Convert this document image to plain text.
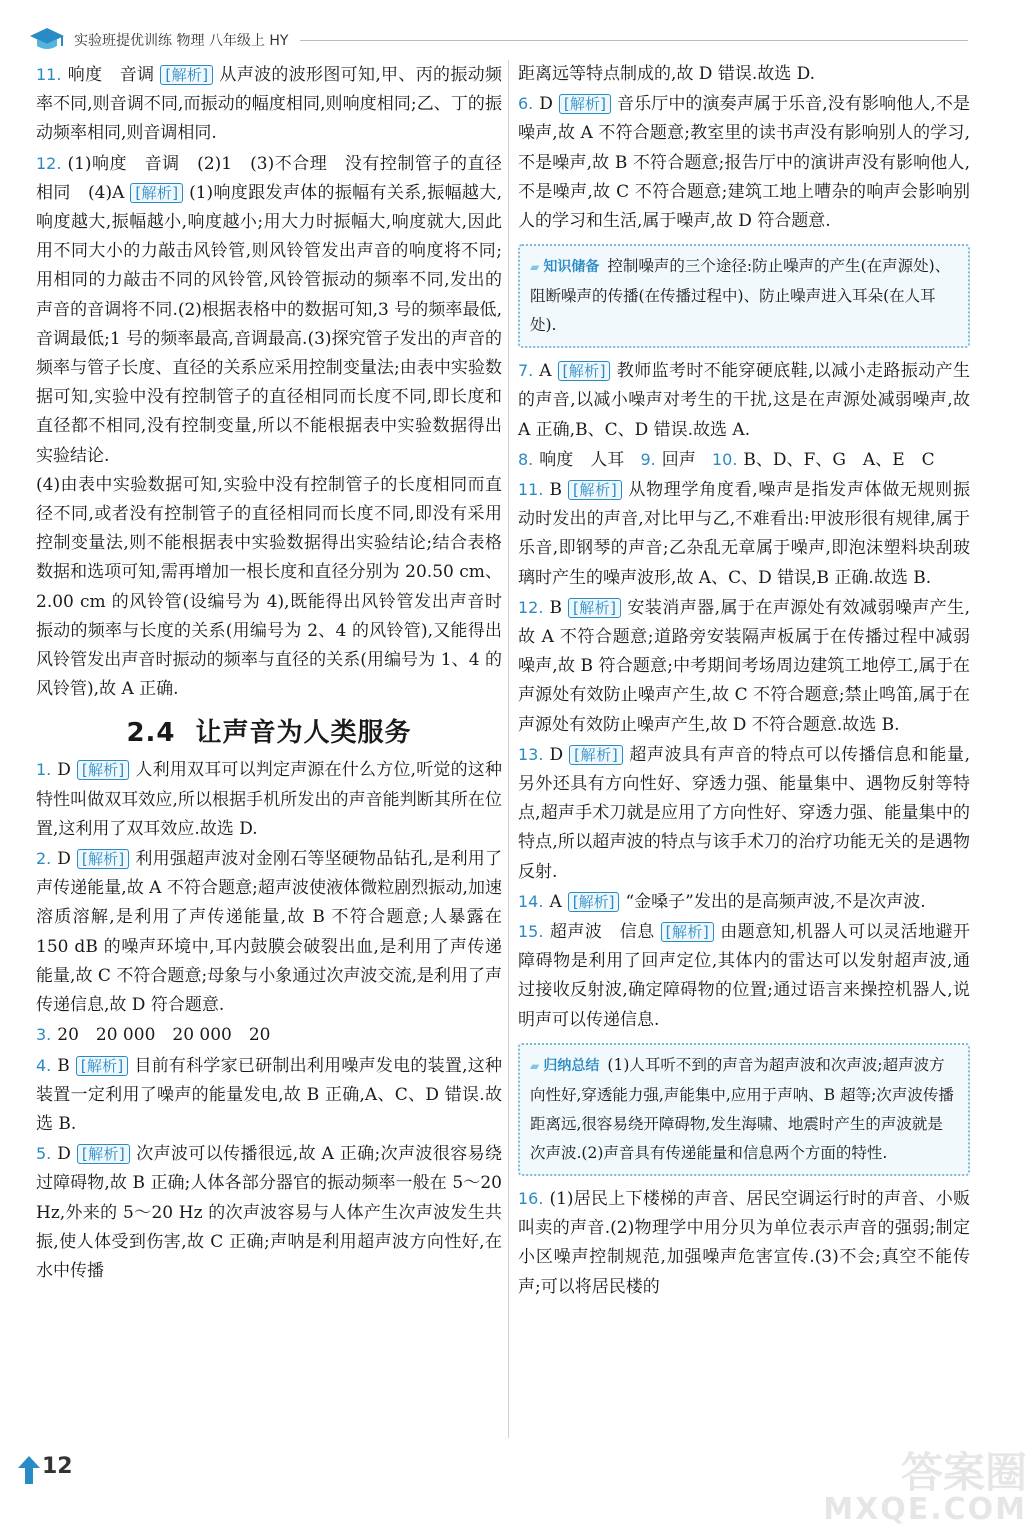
实验班提优训练 物理 八年级上 HY

11. 响度　音调 [解析] 从声波的波形图可知,甲、丙的振动频率不同,则音调不同,而振动的幅度相同,则响度相同;乙、丁的振动频率相同,则音调相同.

12. (1)响度　音调　(2)1　(3)不合理　没有控制管子的直径相同　(4)A [解析] (1)响度跟发声体的振幅有关系,振幅越大,响度越大,振幅越小,响度越小;用大力时振幅大,响度就大,因此用不同大小的力敲击风铃管,则风铃管发出声音的响度将不同;用相同的力敲击不同的风铃管,风铃管振动的频率不同,发出的声音的音调将不同.(2)根据表格中的数据可知,3 号的频率最低,音调最低;1 号的频率最高,音调最高.(3)探究管子发出的声音的频率与管子长度、直径的关系应采用控制变量法;由表中实验数据可知,实验中没有控制管子的直径相同而长度不同,即长度和直径都不相同,没有控制变量,所以不能根据表中实验数据得出实验结论.

(4)由表中实验数据可知,实验中没有控制管子的长度相同而直径不同,或者没有控制管子的直径相同而长度不同,即没有采用控制变量法,则不能根据表中实验数据得出实验结论;结合表格数据和选项可知,需再增加一根长度和直径分别为 20.50 cm、2.00 cm 的风铃管(设编号为 4),既能得出风铃管发出声音时振动的频率与长度的关系(用编号为 2、4 的风铃管),又能得出风铃管发出声音时振动的频率与直径的关系(用编号为 1、4 的风铃管),故 A 正确.

2.4 让声音为人类服务

1. D [解析] 人利用双耳可以判定声源在什么方位,听觉的这种特性叫做双耳效应,所以根据手机所发出的声音能判断其所在位置,这利用了双耳效应.故选 D.

2. D [解析] 利用强超声波对金刚石等坚硬物品钻孔,是利用了声传递能量,故 A 不符合题意;超声波使液体微粒剧烈振动,加速溶质溶解,是利用了声传递能量,故 B 不符合题意;人暴露在 150 dB 的噪声环境中,耳内鼓膜会破裂出血,是利用了声传递能量,故 C 不符合题意;母象与小象通过次声波交流,是利用了声传递信息,故 D 符合题意.

3. 20　20 000　20 000　20

4. B [解析] 目前有科学家已研制出利用噪声发电的装置,这种装置一定利用了噪声的能量发电,故 B 正确,A、C、D 错误.故选 B.

5. D [解析] 次声波可以传播很远,故 A 正确;次声波很容易绕过障碍物,故 B 正确;人体各部分器官的振动频率一般在 5～20 Hz,外来的 5～20 Hz 的次声波容易与人体产生次声波发生共振,使人体受到伤害,故 C 正确;声呐是利用超声波方向性好,在水中传播

距离远等特点制成的,故 D 错误.故选 D.

6. D [解析] 音乐厅中的演奏声属于乐音,没有影响他人,不是噪声,故 A 不符合题意;教室里的读书声没有影响别人的学习,不是噪声,故 B 不符合题意;报告厅中的演讲声没有影响他人,不是噪声,故 C 不符合题意;建筑工地上嘈杂的响声会影响别人的学习和生活,属于噪声,故 D 符合题意.

▰ 知识储备 控制噪声的三个途径:防止噪声的产生(在声源处)、阻断噪声的传播(在传播过程中)、防止噪声进入耳朵(在人耳处).

7. A [解析] 教师监考时不能穿硬底鞋,以减小走路振动产生的声音,以减小噪声对考生的干扰,这是在声源处减弱噪声,故 A 正确,B、C、D 错误.故选 A.

8. 响度　人耳 9. 回声 10. B、D、F、G　A、E　C

11. B [解析] 从物理学角度看,噪声是指发声体做无规则振动时发出的声音,对比甲与乙,不难看出:甲波形很有规律,属于乐音,即钢琴的声音;乙杂乱无章属于噪声,即泡沫塑料块刮玻璃时产生的噪声波形,故 A、C、D 错误,B 正确.故选 B.

12. B [解析] 安装消声器,属于在声源处有效减弱噪声产生,故 A 不符合题意;道路旁安装隔声板属于在传播过程中减弱噪声,故 B 符合题意;中考期间考场周边建筑工地停工,属于在声源处有效防止噪声产生,故 C 不符合题意;禁止鸣笛,属于在声源处有效防止噪声产生,故 D 不符合题意.故选 B.

13. D [解析] 超声波具有声音的特点可以传播信息和能量,另外还具有方向性好、穿透力强、能量集中、遇物反射等特点,超声手术刀就是应用了方向性好、穿透力强、能量集中的特点,所以超声波的特点与该手术刀的治疗功能无关的是遇物反射.

14. A [解析] “金嗓子”发出的是高频声波,不是次声波.

15. 超声波　信息 [解析] 由题意知,机器人可以灵活地避开障碍物是利用了回声定位,其体内的雷达可以发射超声波,通过接收反射波,确定障碍物的位置;通过语言来操控机器人,说明声可以传递信息.

▰ 归纳总结 (1)人耳听不到的声音为超声波和次声波;超声波方向性好,穿透能力强,声能集中,应用于声呐、B 超等;次声波传播距离远,很容易绕开障碍物,发生海啸、地震时产生的声波就是次声波.(2)声音具有传递能量和信息两个方面的特性.

16. (1)居民上下楼梯的声音、居民空调运行时的声音、小贩叫卖的声音.(2)物理学中用分贝为单位表示声音的强弱;制定小区噪声控制规范,加强噪声危害宣传.(3)不会;真空不能传声;可以将居民楼的

12	答案圈
MXQE.COM
